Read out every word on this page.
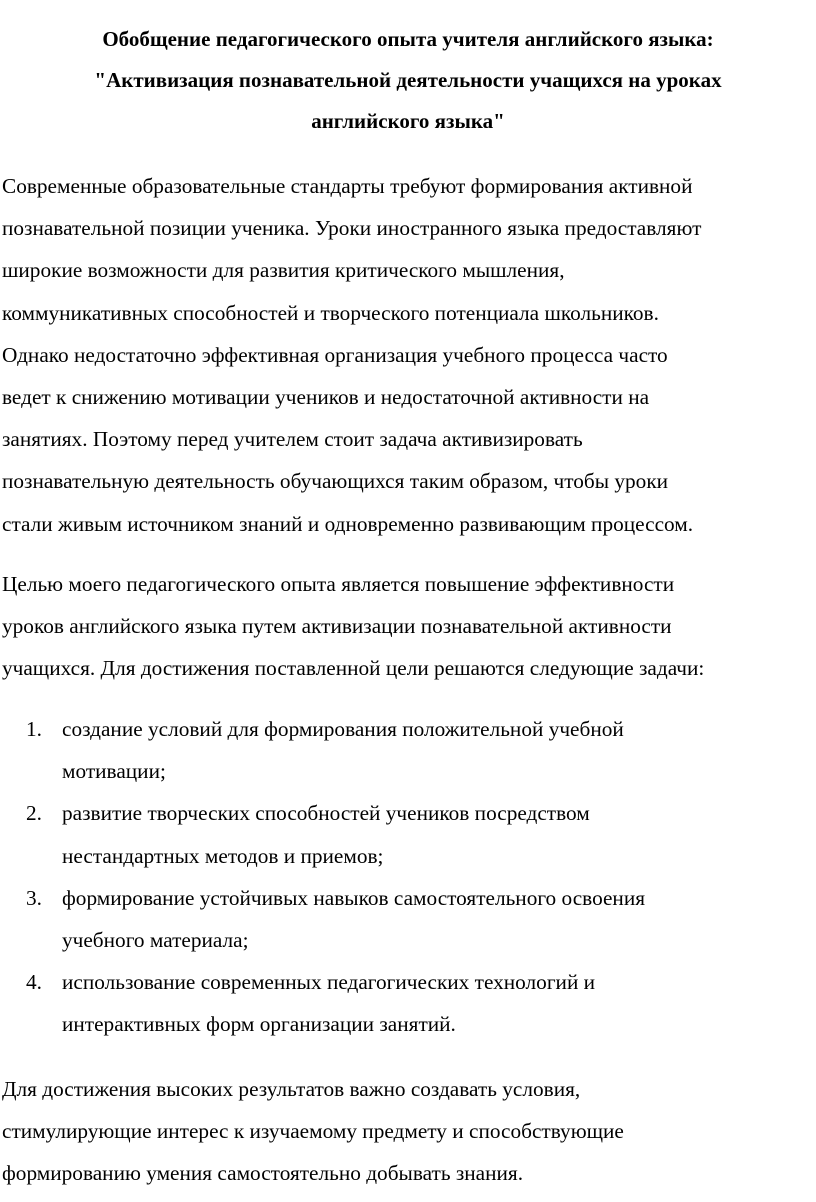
Обобщение педагогического опыта учителя английского языка:
"Активизация познавательной деятельности учащихся на уроках
английского языка"

Современные образовательные стандарты требуют формирования активной
познавательной позиции ученика. Уроки иностранного языка предоставляют
широкие возможности для развития критического мышления,
коммуникативных способностей и творческого потенциала школьников.
Однако недостаточно эффективная организация учебного процесса часто
ведет к снижению мотивации учеников и недостаточной активности на
занятиях. Поэтому перед учителем стоит задача активизировать
познавательную деятельность обучающихся таким образом, чтобы уроки
стали живым источником знаний и одновременно развивающим процессом.

Целью моего педагогического опыта является повышение эффективности
уроков английского языка путем активизации познавательной активности
учащихся. Для достижения поставленной цели решаются следующие задачи:

1. создание условий для формирования положительной учебной
мотивации;
2. развитие творческих способностей учеников посредством
нестандартных методов и приемов;
3. формирование устойчивых навыков самостоятельного освоения
учебного материала;
4. использование современных педагогических технологий и
интерактивных форм организации занятий.

Для достижения высоких результатов важно создавать условия,
стимулирующие интерес к изучаемому предмету и способствующие
формированию умения самостоятельно добывать знания.
